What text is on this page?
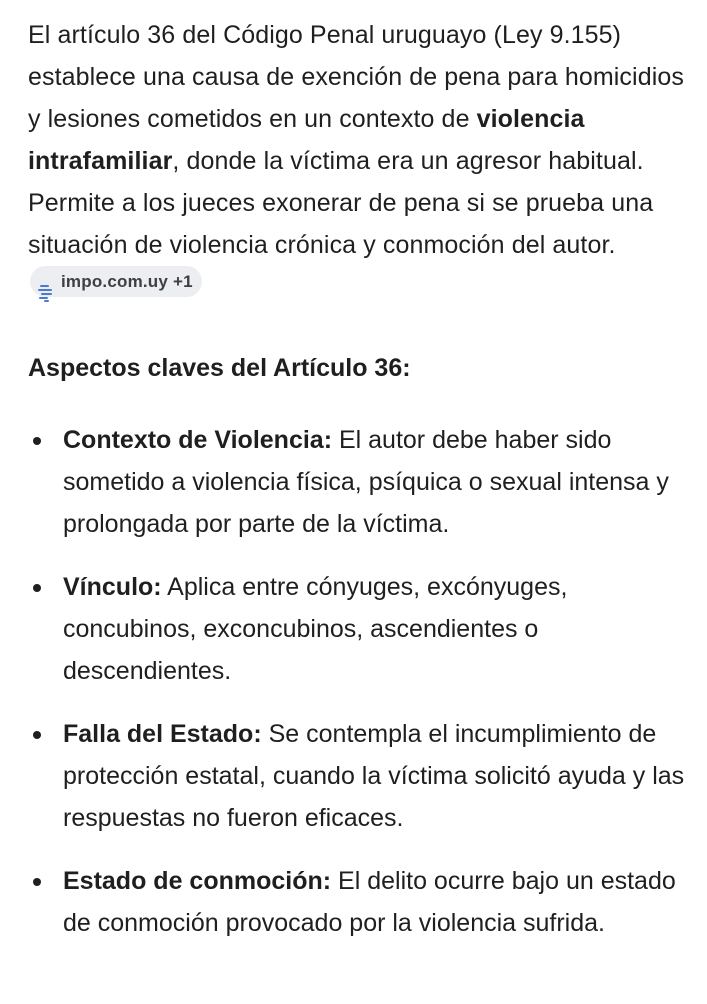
El artículo 36 del Código Penal uruguayo (Ley 9.155) establece una causa de exención de pena para homicidios y lesiones cometidos en un contexto de violencia intrafamiliar, donde la víctima era un agresor habitual. Permite a los jueces exonerar de pena si se prueba una situación de violencia crónica y conmoción del autor.
impo.com.uy +1

Aspectos claves del Artículo 36:
Contexto de Violencia: El autor debe haber sido sometido a violencia física, psíquica o sexual intensa y prolongada por parte de la víctima.
Vínculo: Aplica entre cónyuges, excónyuges, concubinos, exconcubinos, ascendientes o descendientes.
Falla del Estado: Se contempla el incumplimiento de protección estatal, cuando la víctima solicitó ayuda y las respuestas no fueron eficaces.
Estado de conmoción: El delito ocurre bajo un estado de conmoción provocado por la violencia sufrida.
